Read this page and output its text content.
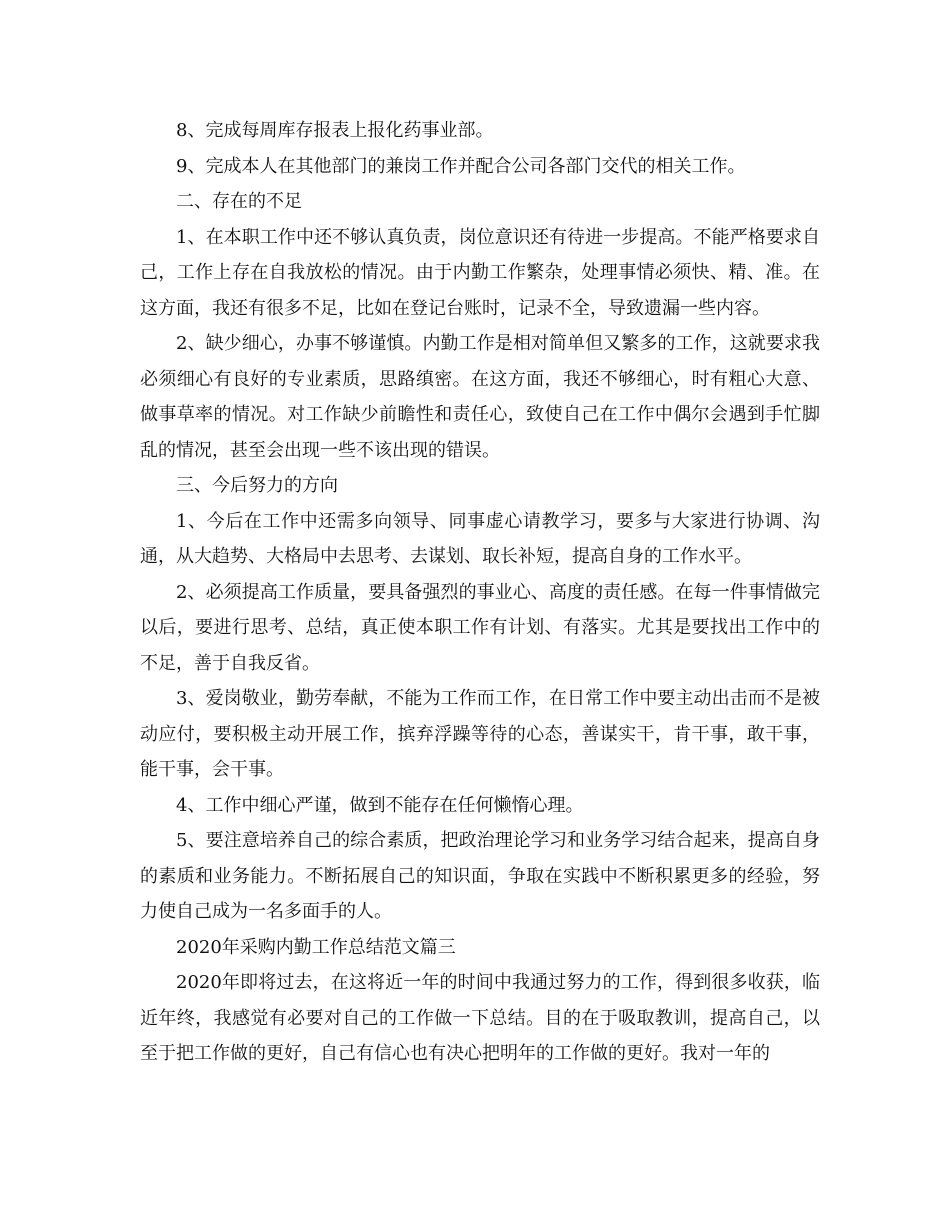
8、完成每周库存报表上报化药事业部。

9、完成本人在其他部门的兼岗工作并配合公司各部门交代的相关工作。

二、存在的不足

1、在本职工作中还不够认真负责，岗位意识还有待进一步提高。不能严格要求自己，工作上存在自我放松的情况。由于内勤工作繁杂，处理事情必须快、精、准。在这方面，我还有很多不足，比如在登记台账时，记录不全，导致遗漏一些内容。

2、缺少细心，办事不够谨慎。内勤工作是相对简单但又繁多的工作，这就要求我必须细心有良好的专业素质，思路缜密。在这方面，我还不够细心，时有粗心大意、做事草率的情况。对工作缺少前瞻性和责任心，致使自己在工作中偶尔会遇到手忙脚乱的情况，甚至会出现一些不该出现的错误。

三、今后努力的方向

1、今后在工作中还需多向领导、同事虚心请教学习，要多与大家进行协调、沟通，从大趋势、大格局中去思考、去谋划、取长补短，提高自身的工作水平。

2、必须提高工作质量，要具备强烈的事业心、高度的责任感。在每一件事情做完以后，要进行思考、总结，真正使本职工作有计划、有落实。尤其是要找出工作中的不足，善于自我反省。

3、爱岗敬业，勤劳奉献，不能为工作而工作，在日常工作中要主动出击而不是被动应付，要积极主动开展工作，摈弃浮躁等待的心态，善谋实干，肯干事，敢干事，能干事，会干事。

4、工作中细心严谨，做到不能存在任何懒惰心理。

5、要注意培养自己的综合素质，把政治理论学习和业务学习结合起来，提高自身的素质和业务能力。不断拓展自己的知识面，争取在实践中不断积累更多的经验，努力使自己成为一名多面手的人。

2020年采购内勤工作总结范文篇三

2020年即将过去，在这将近一年的时间中我通过努力的工作，得到很多收获，临近年终，我感觉有必要对自己的工作做一下总结。目的在于吸取教训，提高自己，以至于把工作做的更好，自己有信心也有决心把明年的工作做的更好。我对一年的
